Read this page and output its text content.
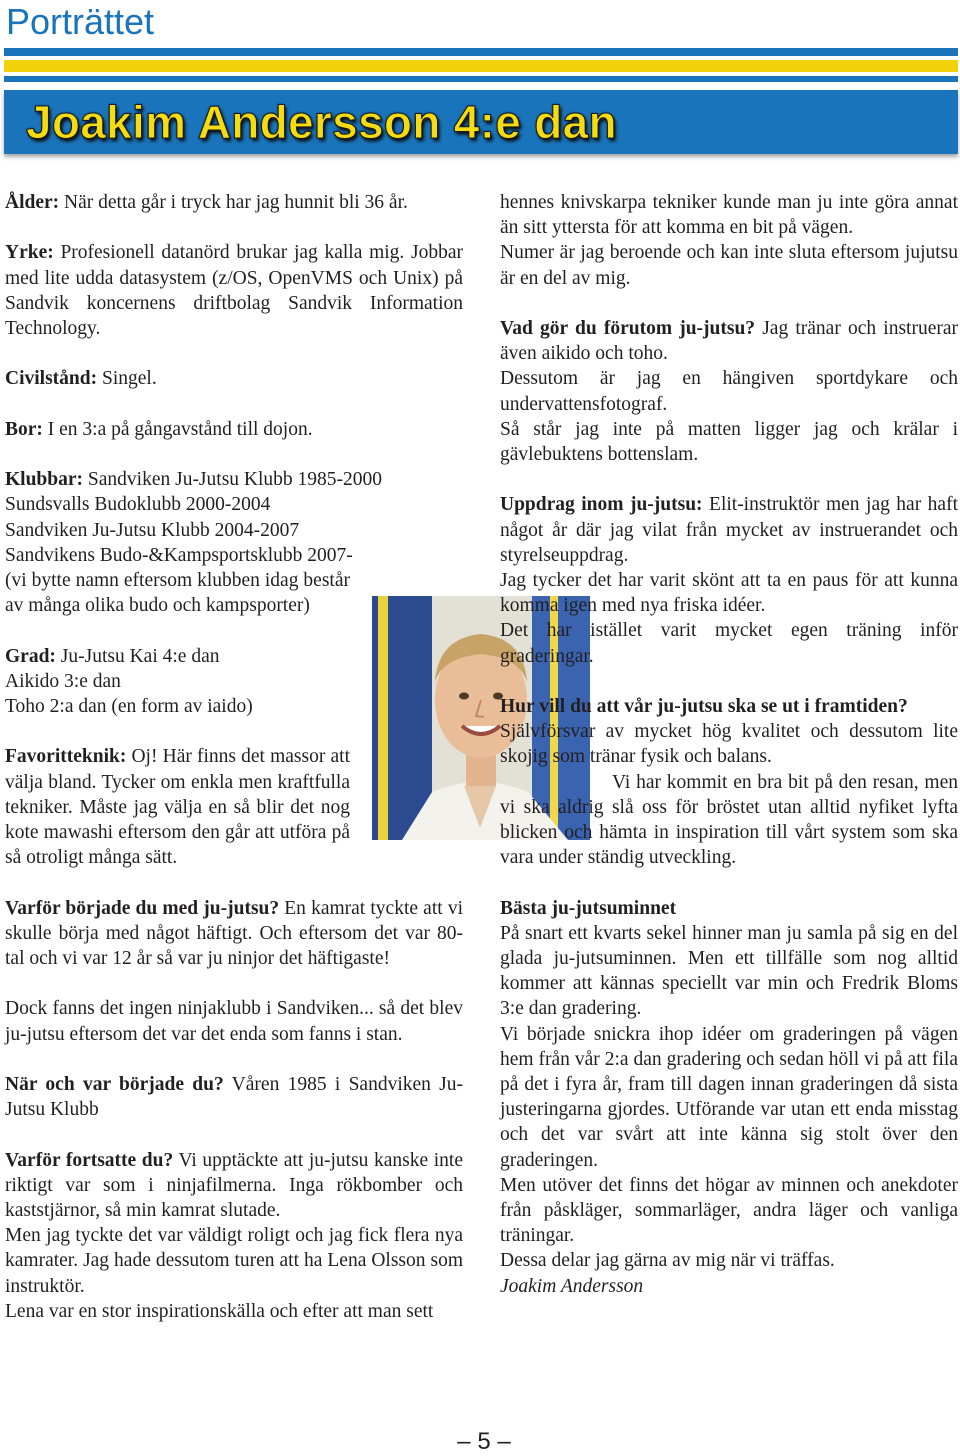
Porträttet
Joakim Andersson 4:e dan

Ålder: När detta går i tryck har jag hunnit bli 36 år.

Yrke: Profesionell datanörd brukar jag kalla mig. Jobbar med lite udda datasystem (z/OS, OpenVMS och Unix) på Sandvik koncernens driftbolag Sandvik Information Technology.

Civilstånd: Singel.

Bor: I en 3:a på gångavstånd till dojon.

Klubbar: Sandviken Ju-Jutsu Klubb 1985-2000

Sundsvalls Budoklubb 2000-2004

Sandviken Ju-Jutsu Klubb 2004-2007

Sandvikens Budo-&Kampsportsklubb 2007-

(vi bytte namn eftersom klubben idag består av många olika budo och kampsporter)

Grad: Ju-Jutsu Kai 4:e dan

Aikido 3:e dan

Toho 2:a dan (en form av iaido)

Favoritteknik: Oj! Här finns det massor att välja bland. Tycker om enkla men kraftfulla tekniker. Måste jag välja en så blir det nog kote mawashi eftersom den går att utföra på så otroligt många sätt.

Varför började du med ju-jutsu? En kamrat tyckte att vi skulle börja med något häftigt. Och eftersom det var 80-tal och vi var 12 år så var ju ninjor det häftigaste!

Dock fanns det ingen ninjaklubb i Sandviken... så det blev ju-jutsu eftersom det var det enda som fanns i stan.

När och var började du? Våren 1985 i Sandviken Ju-Jutsu Klubb

Varför fortsatte du? Vi upptäckte att ju-jutsu kanske inte riktigt var som i ninjafilmerna. Inga rökbomber och kaststjärnor, så min kamrat slutade.

Men jag tyckte det var väldigt roligt och jag fick flera nya kamrater. Jag hade dessutom turen att ha Lena Olsson som instruktör.

Lena var en stor inspirationskälla och efter att man sett

hennes knivskarpa tekniker kunde man ju inte göra annat än sitt yttersta för att komma en bit på vägen.

Numer är jag beroende och kan inte sluta eftersom jujutsu är en del av mig.

Vad gör du förutom ju-jutsu? Jag tränar och instruerar även aikido och toho.

Dessutom är jag en hängiven sportdykare och undervattensfotograf.

Så står jag inte på matten ligger jag och krälar i gävlebuktens bottenslam.

Uppdrag inom ju-jutsu: Elit-instruktör men jag har haft något år där jag vilat från mycket av instruerandet och styrelseuppdrag.

Jag tycker det har varit skönt att ta en paus för att kunna komma igen med nya friska idéer.

Det har istället varit mycket egen träning inför graderingar.

Hur vill du att vår ju-jutsu ska se ut i framtiden?

Självförsvar av mycket hög kvalitet och dessutom lite skojig som tränar fysik och balans.

Vi har kommit en bra bit på den resan, men vi ska aldrig slå oss för bröstet utan alltid nyfiket lyfta blicken och hämta in inspiration till vårt system som ska vara under ständig utveckling.

Bästa ju-jutsuminnet

På snart ett kvarts sekel hinner man ju samla på sig en del glada ju-jutsuminnen. Men ett tillfälle som nog alltid kommer att kännas speciellt var min och Fredrik Bloms 3:e dan gradering.

Vi började snickra ihop idéer om graderingen på vägen hem från vår 2:a dan gradering och sedan höll vi på att fila på det i fyra år, fram till dagen innan graderingen då sista justeringarna gjordes. Utförande var utan ett enda misstag och det var svårt att inte känna sig stolt över den graderingen.

Men utöver det finns det högar av minnen och anekdoter från påskläger, sommarläger, andra läger och vanliga träningar.

Dessa delar jag gärna av mig när vi träffas.

Joakim Andersson

– 5 –
